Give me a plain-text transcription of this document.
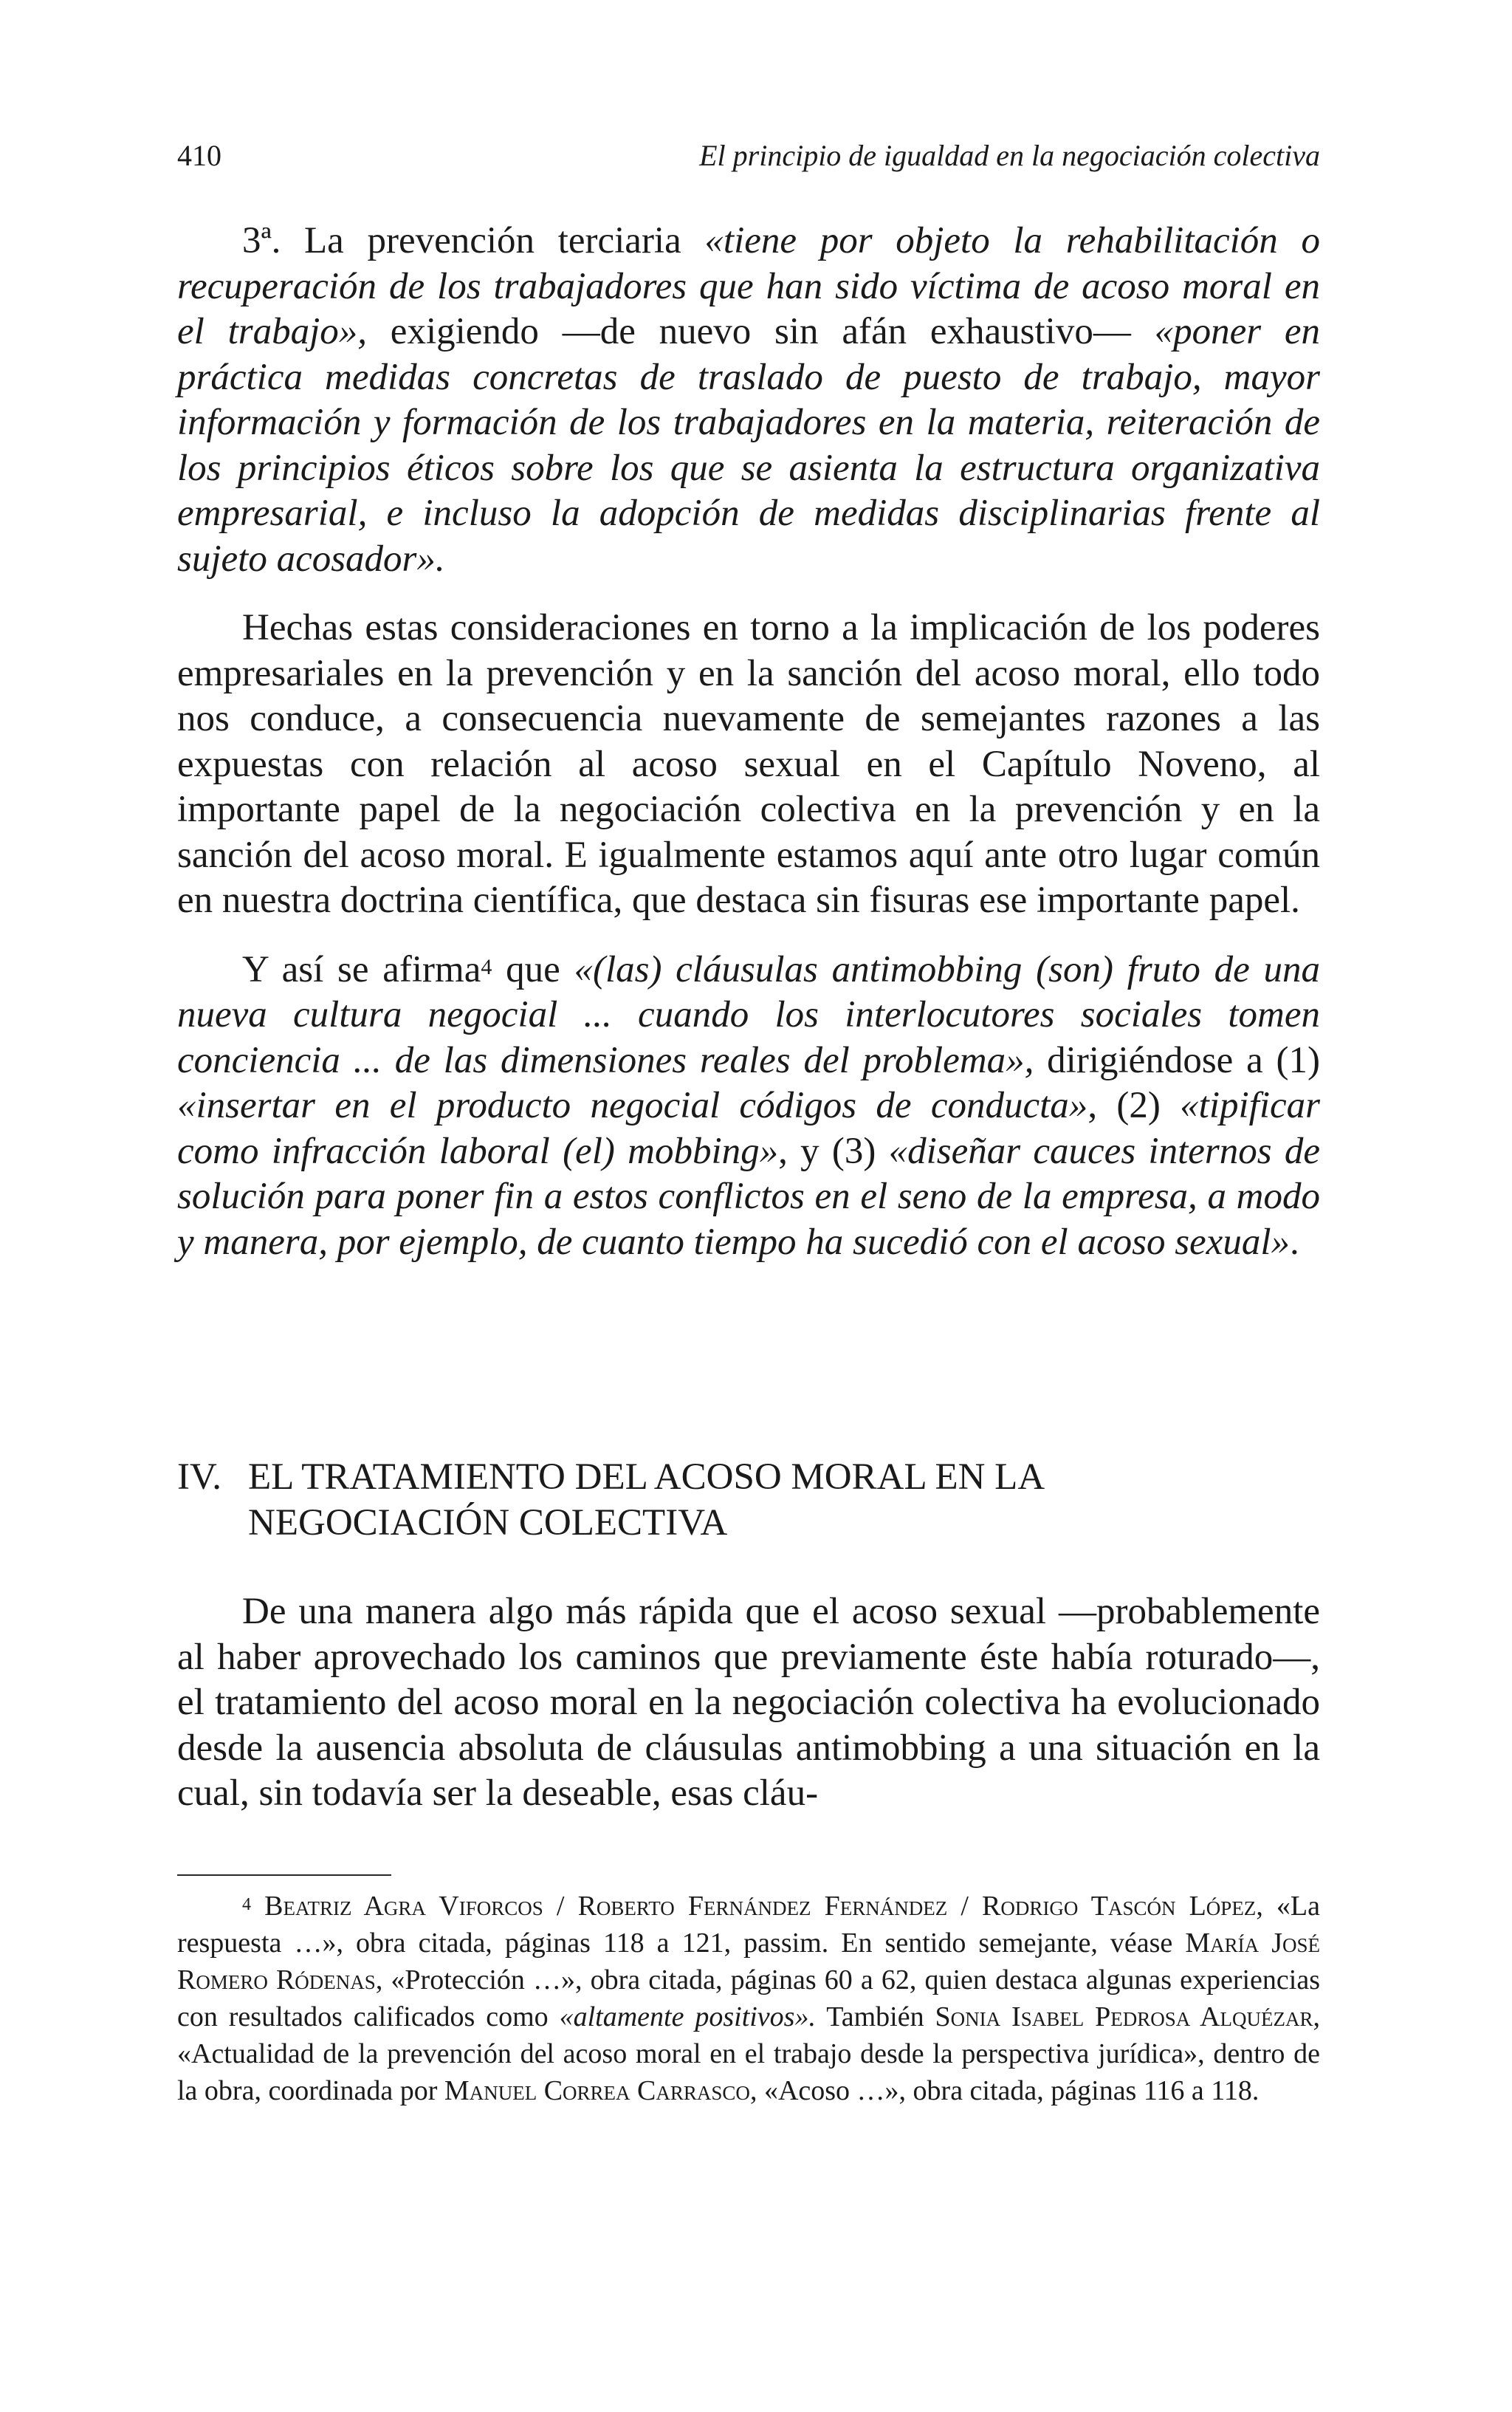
410	El principio de igualdad en la negociación colectiva

3ª. La prevención terciaria «tiene por objeto la rehabilitación o recuperación de los trabajadores que han sido víctima de acoso moral en el trabajo», exigiendo —de nuevo sin afán exhaustivo— «poner en práctica medidas concretas de traslado de puesto de trabajo, mayor información y formación de los trabajadores en la materia, reiteración de los principios éticos sobre los que se asienta la estructura organizativa empresarial, e incluso la adopción de medidas disciplinarias frente al sujeto acosador».

Hechas estas consideraciones en torno a la implicación de los poderes empresariales en la prevención y en la sanción del acoso moral, ello todo nos conduce, a consecuencia nuevamente de semejantes razones a las expuestas con relación al acoso sexual en el Capítulo Noveno, al importante papel de la negociación colectiva en la prevención y en la sanción del acoso moral. E igualmente estamos aquí ante otro lugar común en nuestra doctrina científica, que destaca sin fisuras ese importante papel.

Y así se afirma$^4$ que «(las) cláusulas antimobbing (son) fruto de una nueva cultura negocial ... cuando los interlocutores sociales tomen conciencia ... de las dimensiones reales del problema», dirigiéndose a (1) «insertar en el producto negocial códigos de conducta», (2) «tipificar como infracción laboral (el) mobbing», y (3) «diseñar cauces internos de solución para poner fin a estos conflictos en el seno de la empresa, a modo y manera, por ejemplo, de cuanto tiempo ha sucedió con el acoso sexual».

IV. EL TRATAMIENTO DEL ACOSO MORAL EN LA
NEGOCIACIÓN COLECTIVA

De una manera algo más rápida que el acoso sexual —probablemente al haber aprovechado los caminos que previamente éste había roturado—, el tratamiento del acoso moral en la negociación colectiva ha evolucionado desde la ausencia absoluta de cláusulas antimobbing a una situación en la cual, sin todavía ser la deseable, esas cláu-

$^4$ Beatriz Agra Viforcos / Roberto Fernández Fernández / Rodrigo Tascón López, «La respuesta …», obra citada, páginas 118 a 121, passim. En sentido semejante, véase María José Romero Ródenas, «Protección …», obra citada, páginas 60 a 62, quien destaca algunas experiencias con resultados calificados como «altamente positivos». También Sonia Isabel Pedrosa Alquézar, «Actualidad de la prevención del acoso moral en el trabajo desde la perspectiva jurídica», dentro de la obra, coordinada por Manuel Correa Carrasco, «Acoso …», obra citada, páginas 116 a 118.
